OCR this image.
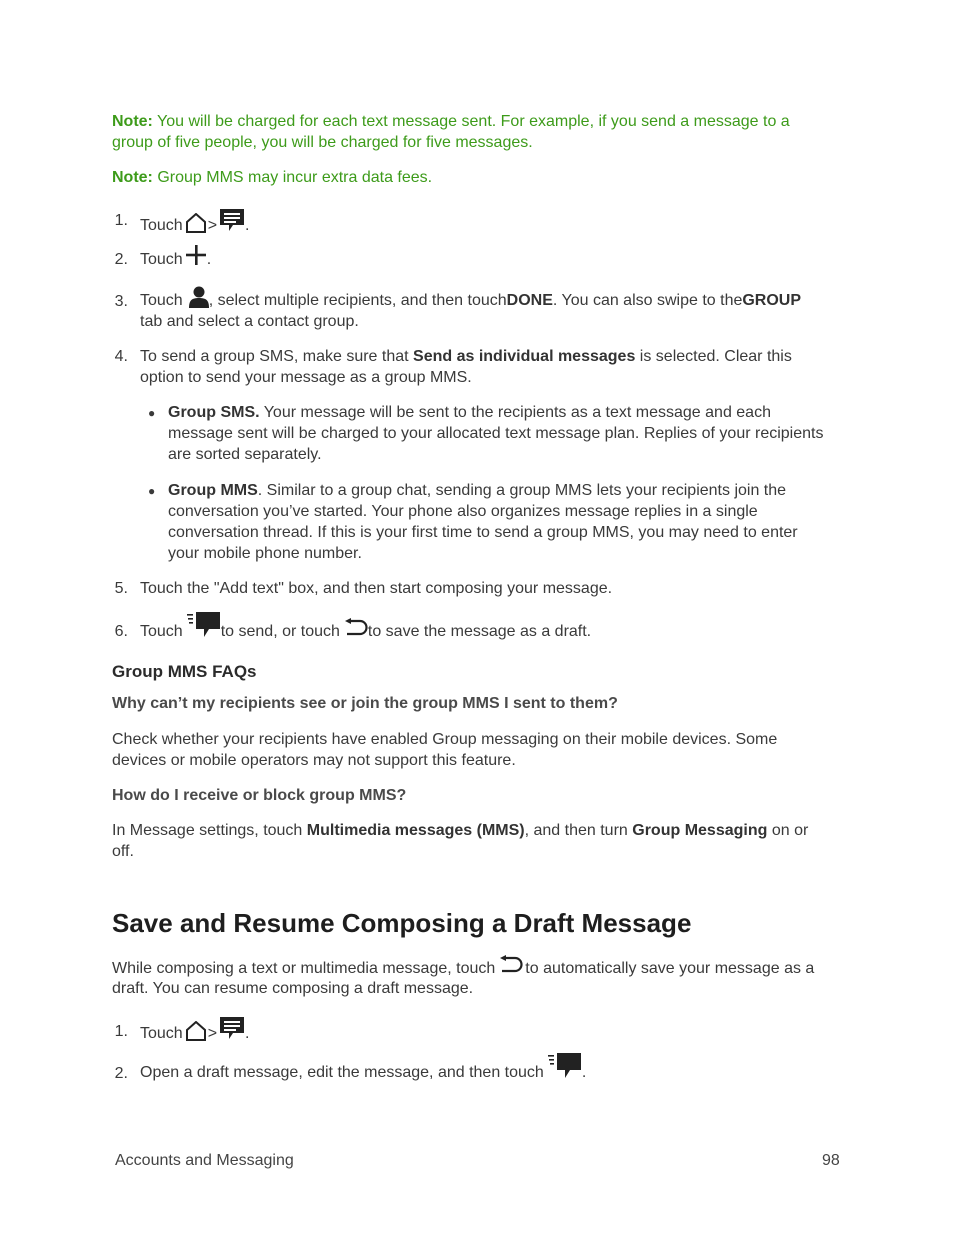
Note: You will be charged for each text message sent. For example, if you send a message to a group of five people, you will be charged for five messages.
Note: Group MMS may incur extra data fees.
1. Touch > .
2. Touch .
3. Touch , select multiple recipients, and then touch DONE . You can also swipe to the GROUP
tab and select a contact group.
4. To send a group SMS, make sure that Send as individual messages is selected. Clear this
option to send your message as a group MMS.
● Group SMS. Your message will be sent to the recipients as a text message and each
message sent will be charged to your allocated text message plan. Replies of your recipients
are sorted separately.
● Group MMS. Similar to a group chat, sending a group MMS lets your recipients join the
conversation you’ve started. Your phone also organizes message replies in a single
conversation thread. If this is your first time to send a group MMS, you may need to enter
your mobile phone number.
5. Touch the "Add text" box, and then start composing your message.
6. Touch to send, or touch to save the message as a draft.
Group MMS FAQs
Why can’t my recipients see or join the group MMS I sent to them?
Check whether your recipients have enabled Group messaging on their mobile devices. Some
devices or mobile operators may not support this feature.
How do I receive or block group MMS?
In Message settings, touch Multimedia messages (MMS), and then turn Group Messaging on or
off.
Save and Resume Composing a Draft Message
While composing a text or multimedia message, touch to automatically save your message as a
draft. You can resume composing a draft message.
1. Touch > .
2. Open a draft message, edit the message, and then touch .
Accounts and Messaging	98
